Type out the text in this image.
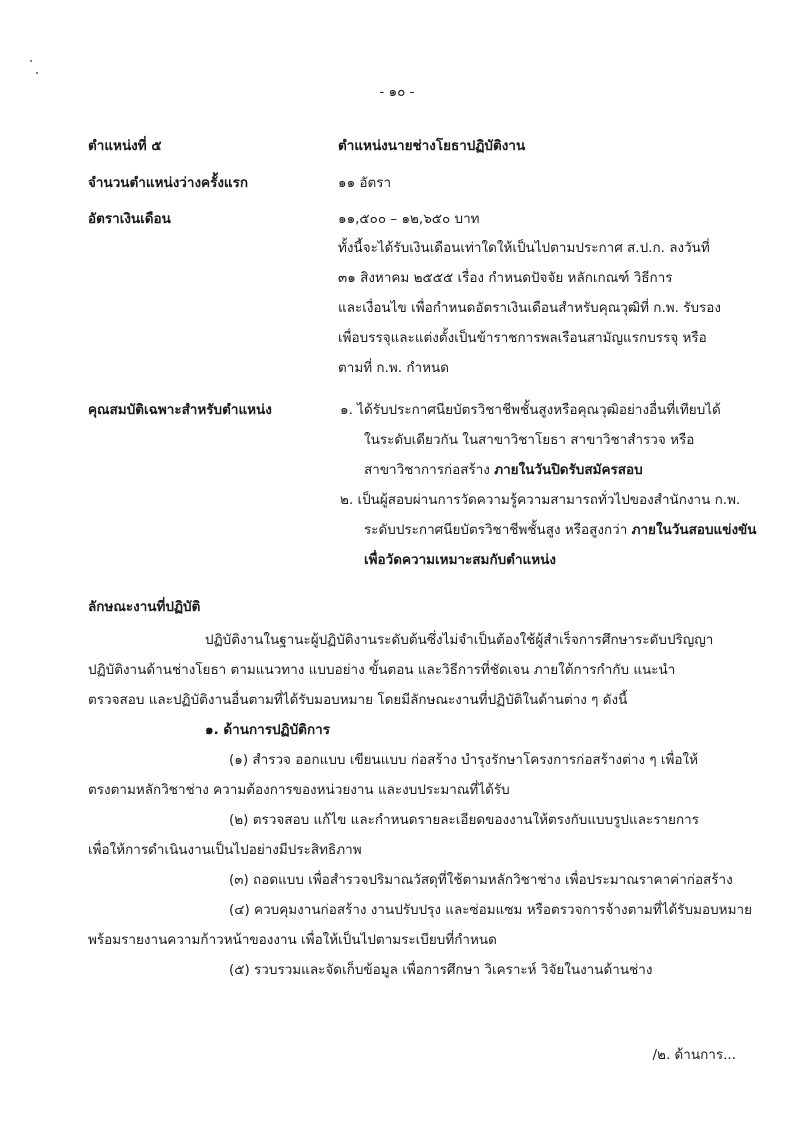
- ๑๐ -
ตำแหน่งที่ ๕	ตำแหน่งนายช่างโยธาปฏิบัติงาน
จำนวนตำแหน่งว่างครั้งแรก	๑๑ อัตรา
อัตราเงินเดือน	๑๑,๕๐๐ – ๑๒,๖๕๐ บาท
ทั้งนี้จะได้รับเงินเดือนเท่าใดให้เป็นไปตามประกาศ ส.ป.ก. ลงวันที่
๓๑ สิงหาคม ๒๕๕๕ เรื่อง กำหนดปัจจัย หลักเกณฑ์ วิธีการ
และเงื่อนไข เพื่อกำหนดอัตราเงินเดือนสำหรับคุณวุฒิที่ ก.พ. รับรอง
เพื่อบรรจุและแต่งตั้งเป็นข้าราชการพลเรือนสามัญแรกบรรจุ หรือ
ตามที่ ก.พ. กำหนด
คุณสมบัติเฉพาะสำหรับตำแหน่ง	๑. ได้รับประกาศนียบัตรวิชาชีพชั้นสูงหรือคุณวุฒิอย่างอื่นที่เทียบได้
ในระดับเดียวกัน ในสาขาวิชาโยธา สาขาวิชาสำรวจ หรือ
สาขาวิชาการก่อสร้าง ภายในวันปิดรับสมัครสอบ
๒. เป็นผู้สอบผ่านการวัดความรู้ความสามารถทั่วไปของสำนักงาน ก.พ.
ระดับประกาศนียบัตรวิชาชีพชั้นสูง หรือสูงกว่า ภายในวันสอบแข่งขัน
เพื่อวัดความเหมาะสมกับตำแหน่ง
ลักษณะงานที่ปฏิบัติ
ปฏิบัติงานในฐานะผู้ปฏิบัติงานระดับต้นซึ่งไม่จำเป็นต้องใช้ผู้สำเร็จการศึกษาระดับปริญญา
ปฏิบัติงานด้านช่างโยธา ตามแนวทาง แบบอย่าง ขั้นตอน และวิธีการที่ชัดเจน ภายใต้การกำกับ แนะนำ
ตรวจสอบ และปฏิบัติงานอื่นตามที่ได้รับมอบหมาย โดยมีลักษณะงานที่ปฏิบัติในด้านต่าง ๆ ดังนี้
๑. ด้านการปฏิบัติการ
(๑) สำรวจ ออกแบบ เขียนแบบ ก่อสร้าง บำรุงรักษาโครงการก่อสร้างต่าง ๆ เพื่อให้
ตรงตามหลักวิชาช่าง ความต้องการของหน่วยงาน และงบประมาณที่ได้รับ
(๒) ตรวจสอบ แก้ไข และกำหนดรายละเอียดของงานให้ตรงกับแบบรูปและรายการ
เพื่อให้การดำเนินงานเป็นไปอย่างมีประสิทธิภาพ
(๓) ถอดแบบ เพื่อสำรวจปริมาณวัสดุที่ใช้ตามหลักวิชาช่าง เพื่อประมาณราคาค่าก่อสร้าง
(๔) ควบคุมงานก่อสร้าง งานปรับปรุง และซ่อมแซม หรือตรวจการจ้างตามที่ได้รับมอบหมาย
พร้อมรายงานความก้าวหน้าของงาน เพื่อให้เป็นไปตามระเบียบที่กำหนด
(๕) รวบรวมและจัดเก็บข้อมูล เพื่อการศึกษา วิเคราะห์ วิจัยในงานด้านช่าง
/๒. ด้านการ...
